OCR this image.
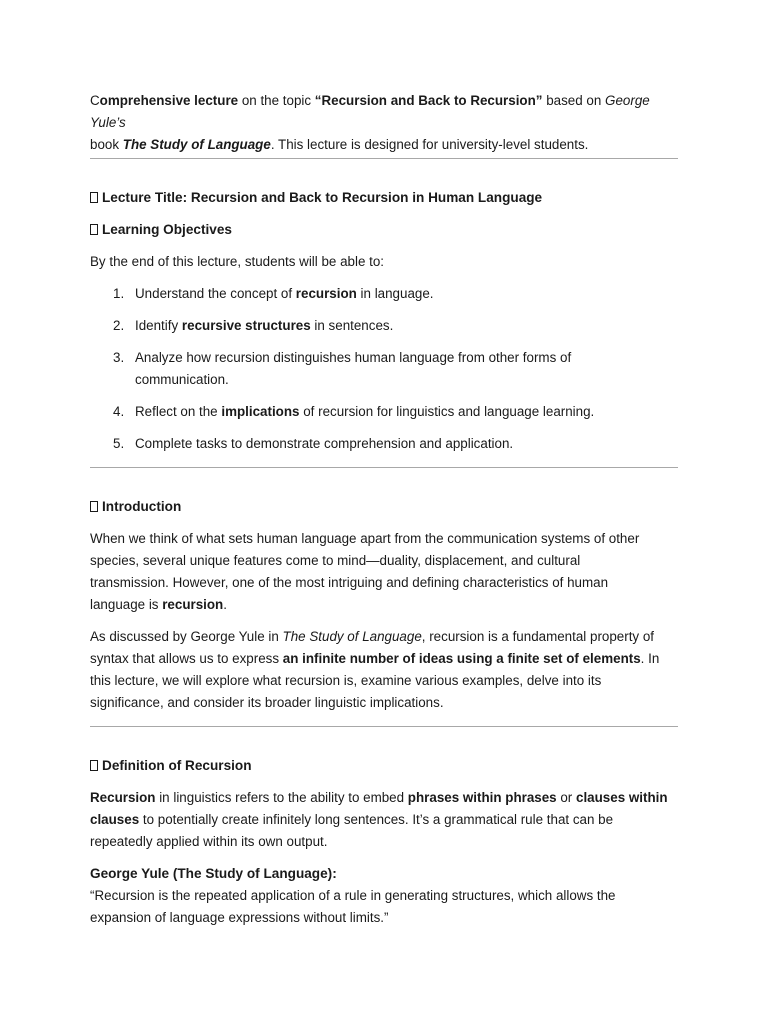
Comprehensive lecture on the topic “Recursion and Back to Recursion” based on George Yule’s

book The Study of Language. This lecture is designed for university-level students.

Lecture Title: Recursion and Back to Recursion in Human Language

Learning Objectives

By the end of this lecture, students will be able to:

1. Understand the concept of recursion in language.
2. Identify recursive structures in sentences.
3. Analyze how recursion distinguishes human language from other forms of
communication.
4. Reflect on the implications of recursion for linguistics and language learning.
5. Complete tasks to demonstrate comprehension and application.

Introduction

When we think of what sets human language apart from the communication systems of other
species, several unique features come to mind—duality, displacement, and cultural
transmission. However, one of the most intriguing and defining characteristics of human
language is recursion.

As discussed by George Yule in The Study of Language, recursion is a fundamental property of
syntax that allows us to express an infinite number of ideas using a finite set of elements. In
this lecture, we will explore what recursion is, examine various examples, delve into its
significance, and consider its broader linguistic implications.

Definition of Recursion

Recursion in linguistics refers to the ability to embed phrases within phrases or clauses within
clauses to potentially create infinitely long sentences. It’s a grammatical rule that can be
repeatedly applied within its own output.

George Yule (The Study of Language):

“Recursion is the repeated application of a rule in generating structures, which allows the
expansion of language expressions without limits.”
